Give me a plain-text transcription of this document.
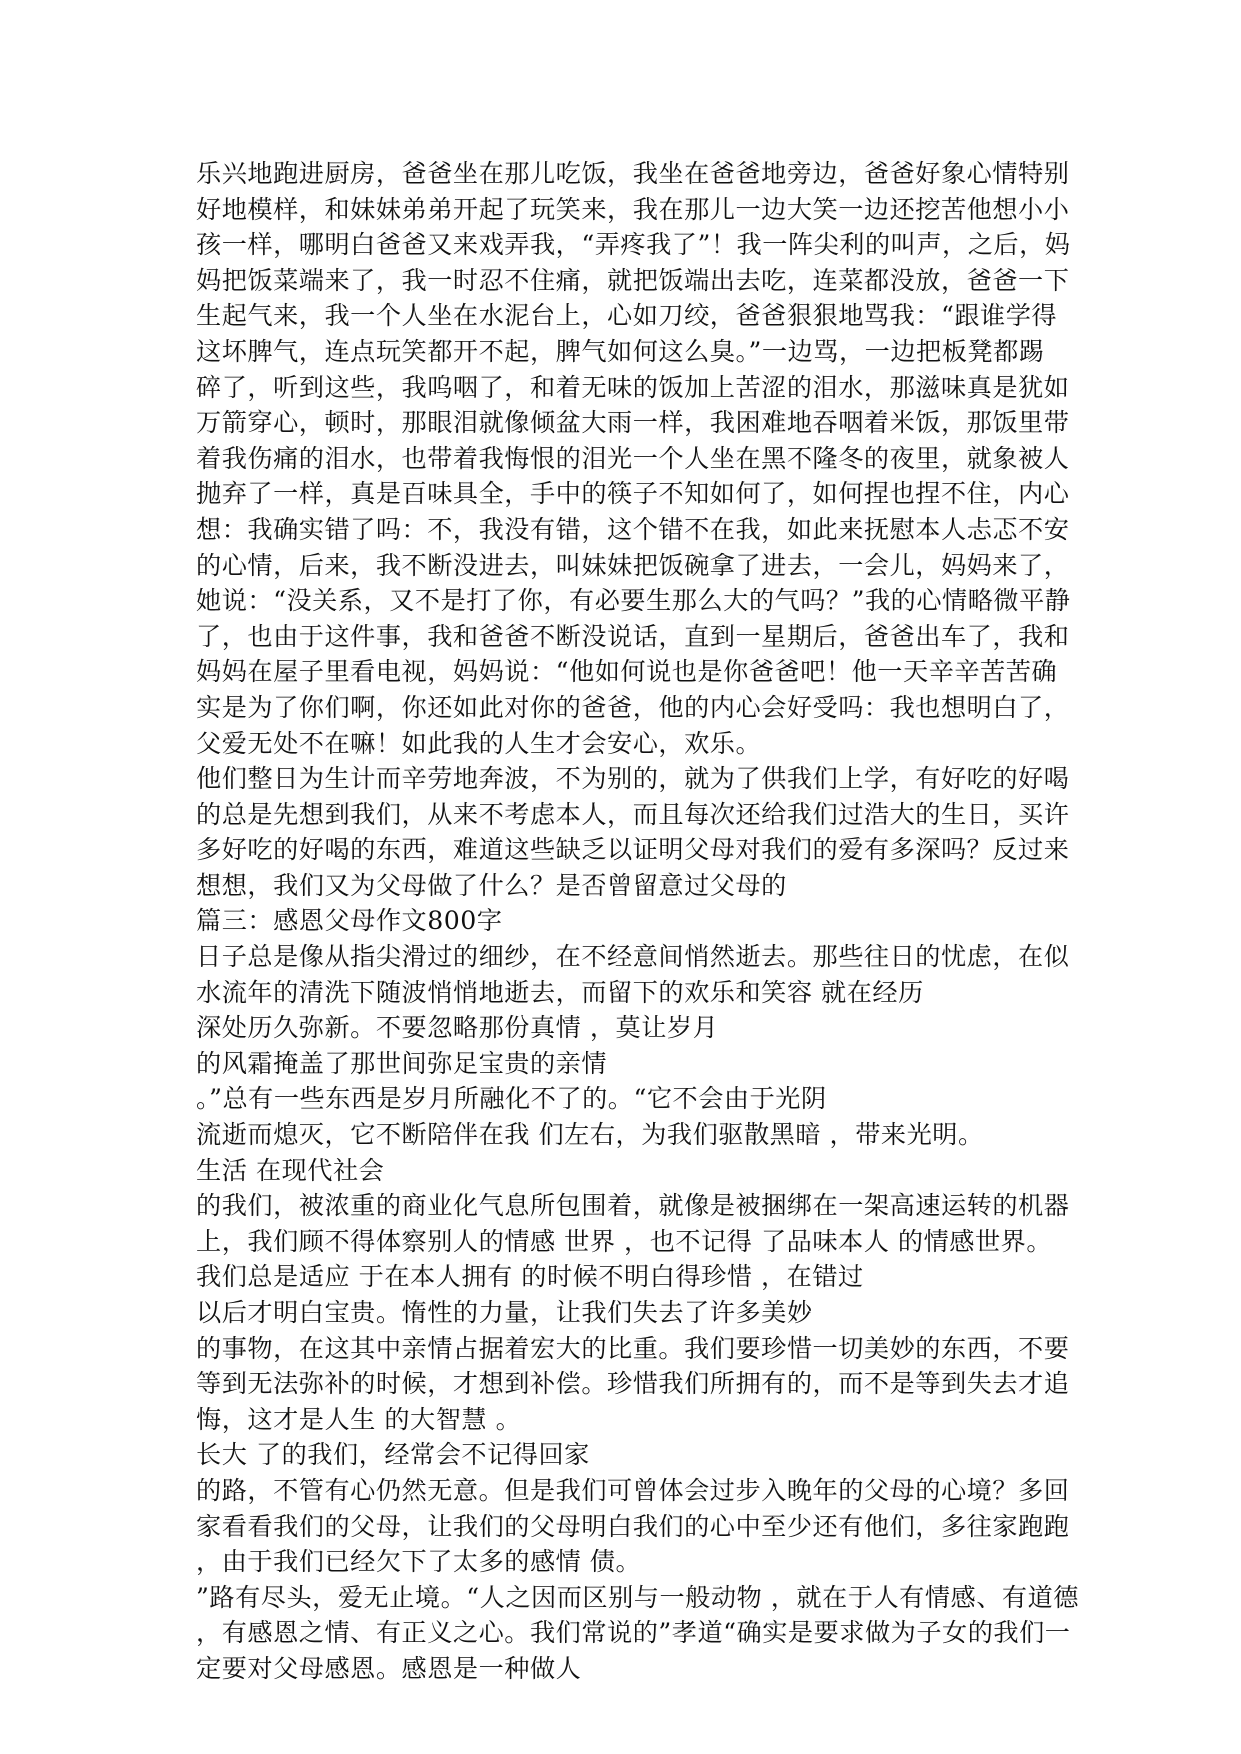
乐兴地跑进厨房，爸爸坐在那儿吃饭，我坐在爸爸地旁边，爸爸好象心情特别
好地模样，和妹妹弟弟开起了玩笑来，我在那儿一边大笑一边还挖苦他想小小
孩一样，哪明白爸爸又来戏弄我，“弄疼我了”！我一阵尖利的叫声，之后，妈
妈把饭菜端来了，我一时忍不住痛，就把饭端出去吃，连菜都没放，爸爸一下
生起气来，我一个人坐在水泥台上，心如刀绞，爸爸狠狠地骂我：“跟谁学得
这坏脾气，连点玩笑都开不起，脾气如何这么臭。”一边骂，一边把板凳都踢
碎了，听到这些，我呜咽了，和着无味的饭加上苦涩的泪水，那滋味真是犹如
万箭穿心，顿时，那眼泪就像倾盆大雨一样，我困难地吞咽着米饭，那饭里带
着我伤痛的泪水，也带着我悔恨的泪光一个人坐在黑不隆冬的夜里，就象被人
抛弃了一样，真是百味具全，手中的筷子不知如何了，如何捏也捏不住，内心
想：我确实错了吗：不，我没有错，这个错不在我，如此来抚慰本人忐忑不安
的心情，后来，我不断没进去，叫妹妹把饭碗拿了进去，一会儿，妈妈来了，
她说：“没关系，又不是打了你，有必要生那么大的气吗？”我的心情略微平静
了，也由于这件事，我和爸爸不断没说话，直到一星期后，爸爸出车了，我和
妈妈在屋子里看电视，妈妈说：“他如何说也是你爸爸吧！他一天辛辛苦苦确
实是为了你们啊，你还如此对你的爸爸，他的内心会好受吗：我也想明白了，
父爱无处不在嘛！如此我的人生才会安心，欢乐。
他们整日为生计而辛劳地奔波，不为别的，就为了供我们上学，有好吃的好喝
的总是先想到我们，从来不考虑本人，而且每次还给我们过浩大的生日，买许
多好吃的好喝的东西，难道这些缺乏以证明父母对我们的爱有多深吗？反过来
想想，我们又为父母做了什么？是否曾留意过父母的
篇三：感恩父母作文800字
日子总是像从指尖滑过的细纱，在不经意间悄然逝去。那些往日的忧虑，在似
水流年的清洗下随波悄悄地逝去，而留下的欢乐和笑容 就在经历
深处历久弥新。不要忽略那份真情 ，莫让岁月
的风霜掩盖了那世间弥足宝贵的亲情
。”总有一些东西是岁月所融化不了的。“它不会由于光阴
流逝而熄灭，它不断陪伴在我 们左右，为我们驱散黑暗 ，带来光明。
生活 在现代社会
的我们，被浓重的商业化气息所包围着，就像是被捆绑在一架高速运转的机器
上，我们顾不得体察别人的情感 世界 ，也不记得 了品味本人 的情感世界。
我们总是适应 于在本人拥有 的时候不明白得珍惜 ，在错过
以后才明白宝贵。惰性的力量，让我们失去了许多美妙
的事物，在这其中亲情占据着宏大的比重。我们要珍惜一切美妙的东西，不要
等到无法弥补的时候，才想到补偿。珍惜我们所拥有的，而不是等到失去才追
悔，这才是人生 的大智慧 。
长大 了的我们，经常会不记得回家
的路，不管有心仍然无意。但是我们可曾体会过步入晚年的父母的心境？多回
家看看我们的父母，让我们的父母明白我们的心中至少还有他们，多往家跑跑
，由于我们已经欠下了太多的感情 债。
”路有尽头，爱无止境。“人之因而区别与一般动物 ，就在于人有情感、有道德
，有感恩之情、有正义之心。我们常说的”孝道“确实是要求做为子女的我们一
定要对父母感恩。感恩是一种做人
